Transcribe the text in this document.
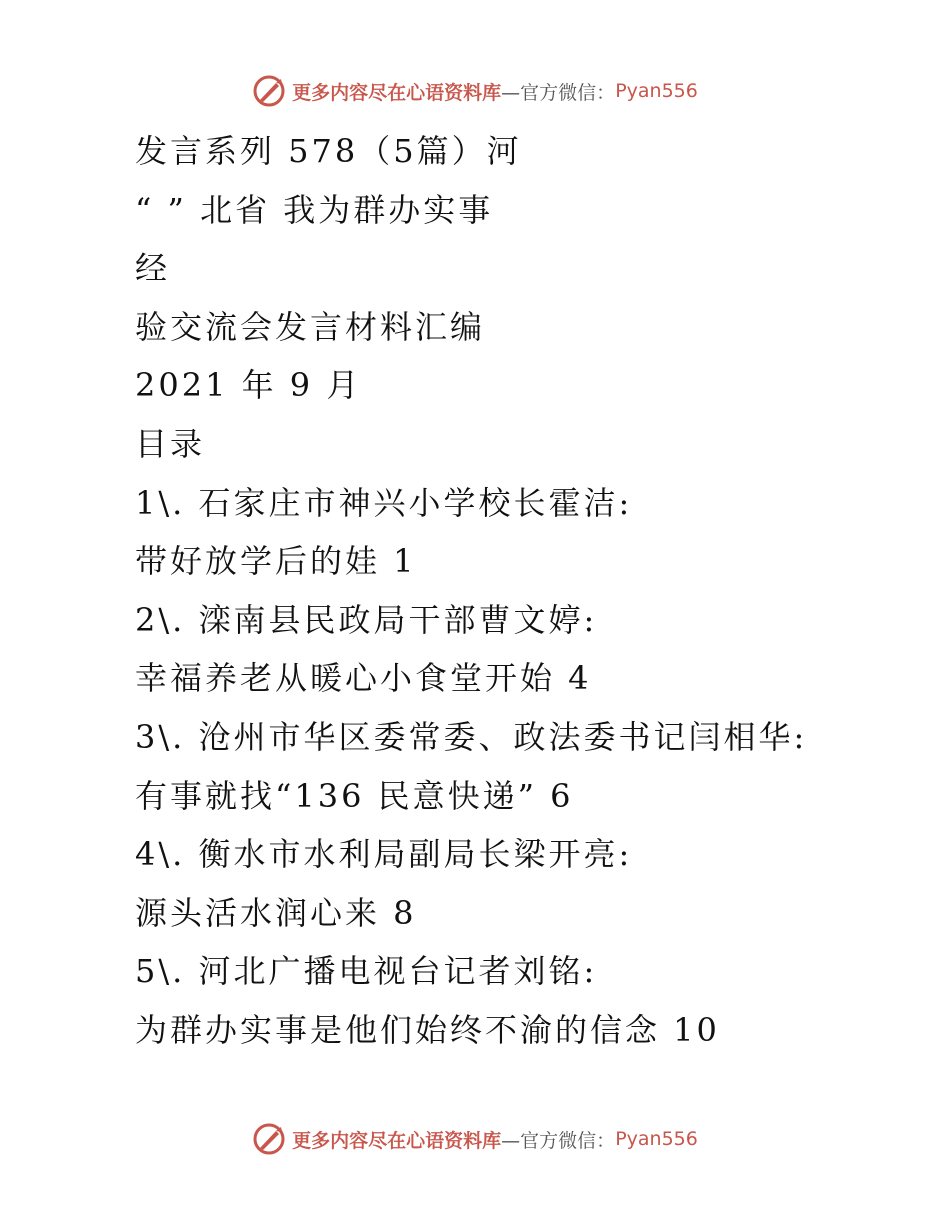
更多内容尽在心语资料库 —官方微信： Pyan556
发言系列 578（5篇）河
“ ” 北省 我为群办实事
经
验交流会发言材料汇编
2021 年 9 月
目录
1\. 石家庄市神兴小学校长霍洁:
带好放学后的娃 1
2\. 滦南县民政局干部曹文婷:
幸福养老从暖心小食堂开始 4
3\. 沧州市华区委常委、政法委书记闫相华:
有事就找“136 民意快递” 6
4\. 衡水市水利局副局长梁开亮:
源头活水润心来 8
5\. 河北广播电视台记者刘铭:
为群办实事是他们始终不渝的信念 10
更多内容尽在心语资料库 —官方微信： Pyan556
